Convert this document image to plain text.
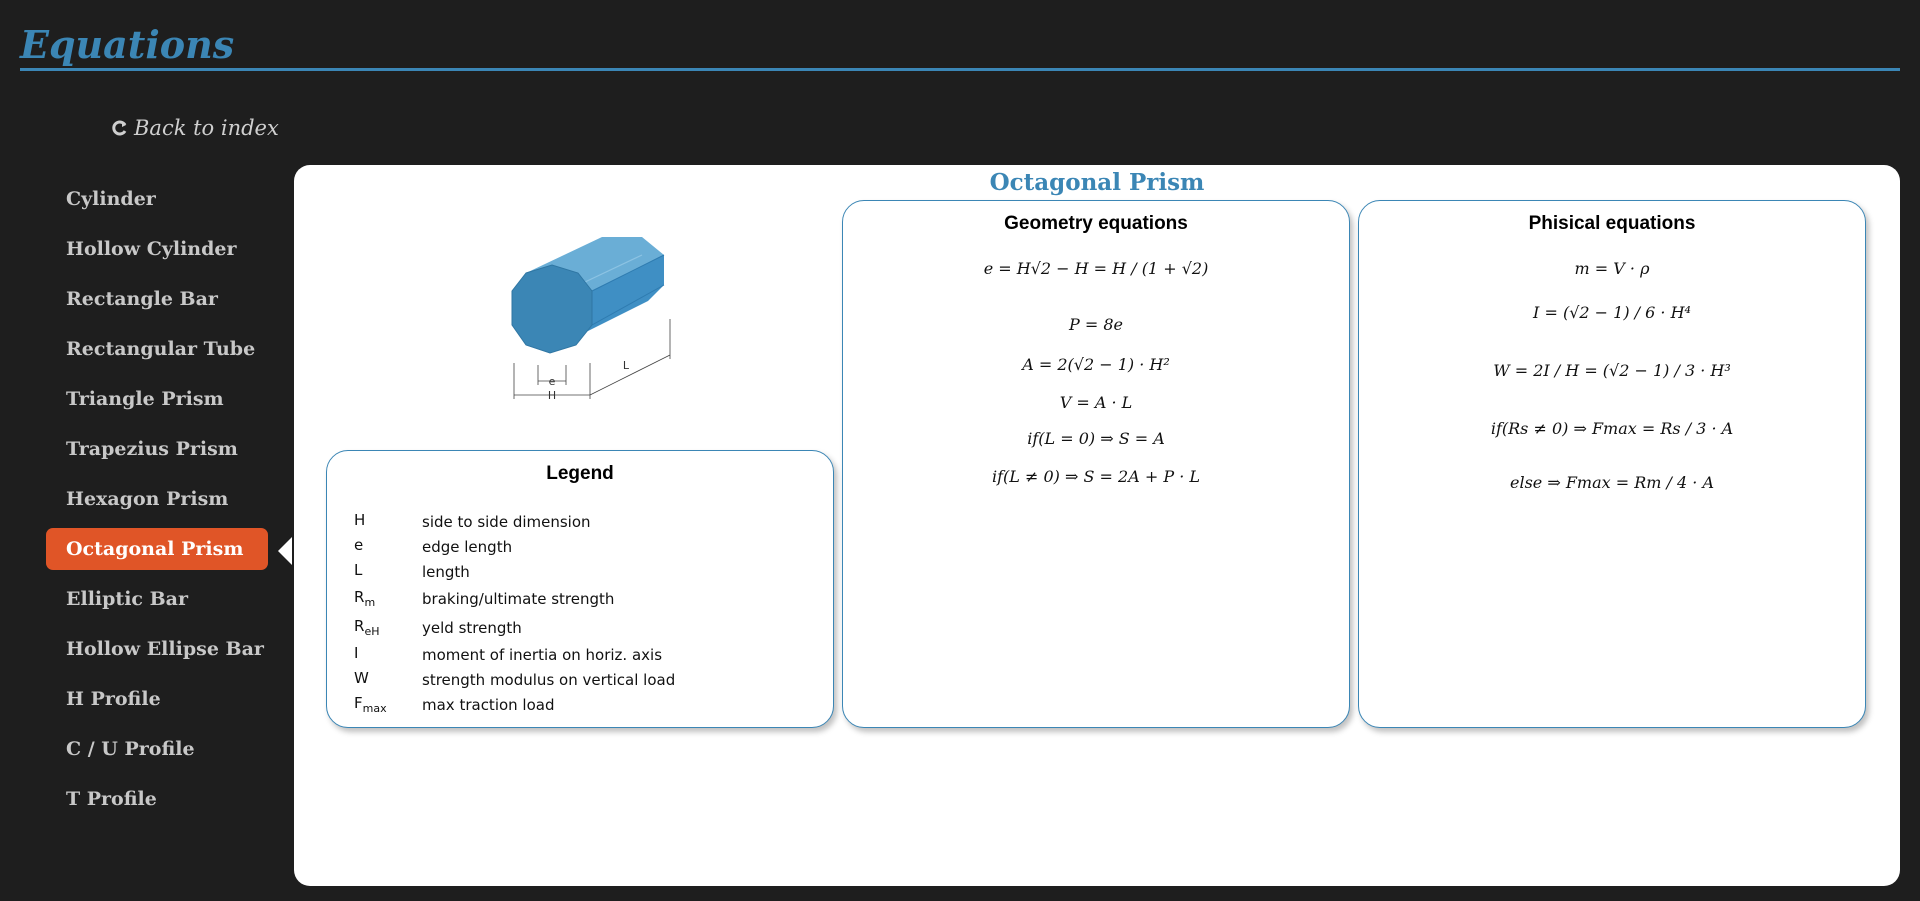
Equations
Back to index
Cylinder
Hollow Cylinder
Rectangle Bar
Rectangular Tube
Triangle Prism
Trapezius Prism
Hexagon Prism
Octagonal Prism
Elliptic Bar
Hollow Ellipse Bar
H Profile
C / U Profile
T Profile
Octagonal Prism
e
H
L
Legend
H	side to side dimension
e	edge length
L	length
$R_m$	braking/ultimate strength
$R_{eH}$	yeld strength
I	moment of inertia on horiz. axis
W	strength modulus on vertical load
$F_{max}$	max traction load
Geometry equations
e = H√2 − H = H / (1 + √2)
P = 8e
A = 2(√2 − 1) · H²
V = A · L
if(L = 0) ⇒ S = A
if(L ≠ 0) ⇒ S = 2A + P · L
Phisical equations
m = V · ρ
I = (√2 − 1) / 6 · H⁴
W = 2I / H = (√2 − 1) / 3 · H³
if(Rs ≠ 0) ⇒ Fmax = Rs / 3 · A
else ⇒ Fmax = Rm / 4 · A
